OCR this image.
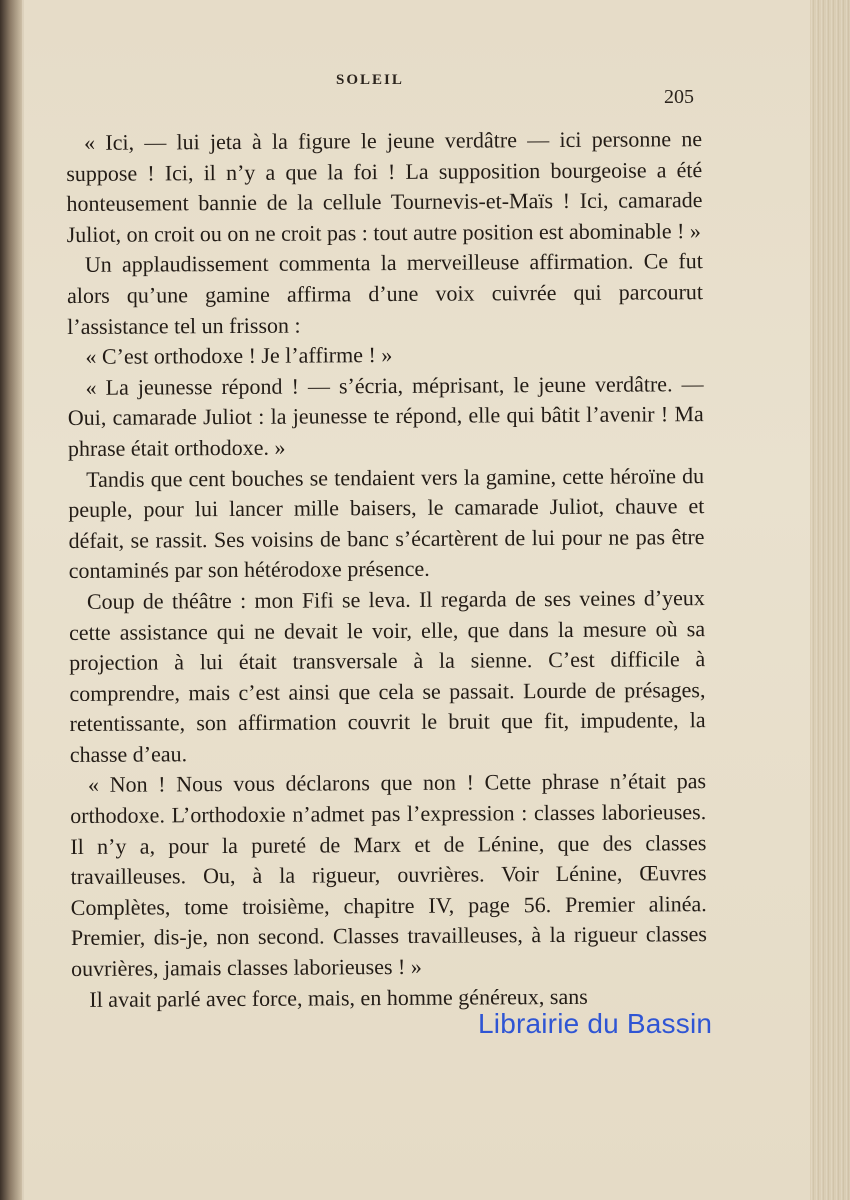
SOLEIL
205

« Ici, — lui jeta à la figure le jeune verdâtre — ici personne ne suppose ! Ici, il n’y a que la foi ! La supposition bourgeoise a été honteusement bannie de la cellule Tournevis-et-Maïs ! Ici, camarade Juliot, on croit ou on ne croit pas : tout autre position est abominable ! »

Un applaudissement commenta la merveilleuse affirmation. Ce fut alors qu’une gamine affirma d’une voix cuivrée qui parcourut l’assistance tel un frisson :

« C’est orthodoxe ! Je l’affirme ! »

« La jeunesse répond ! — s’écria, méprisant, le jeune verdâtre. — Oui, camarade Juliot : la jeunesse te répond, elle qui bâtit l’avenir ! Ma phrase était orthodoxe. »

Tandis que cent bouches se tendaient vers la gamine, cette héroïne du peuple, pour lui lancer mille baisers, le camarade Juliot, chauve et défait, se rassit. Ses voisins de banc s’écartèrent de lui pour ne pas être contaminés par son hétérodoxe présence.

Coup de théâtre : mon Fifi se leva. Il regarda de ses veines d’yeux cette assistance qui ne devait le voir, elle, que dans la mesure où sa projection à lui était transversale à la sienne. C’est difficile à comprendre, mais c’est ainsi que cela se passait. Lourde de présages, retentissante, son affirmation couvrit le bruit que fit, impudente, la chasse d’eau.

« Non ! Nous vous déclarons que non ! Cette phrase n’était pas orthodoxe. L’orthodoxie n’admet pas l’expression : classes laborieuses. Il n’y a, pour la pureté de Marx et de Lénine, que des classes travailleuses. Ou, à la rigueur, ouvrières. Voir Lénine, Œuvres Complètes, tome troisième, chapitre IV, page 56. Premier alinéa. Premier, dis-je, non second. Classes travailleuses, à la rigueur classes ouvrières, jamais classes laborieuses ! »

Il avait parlé avec force, mais, en homme généreux, sans

Librairie du Bassin
